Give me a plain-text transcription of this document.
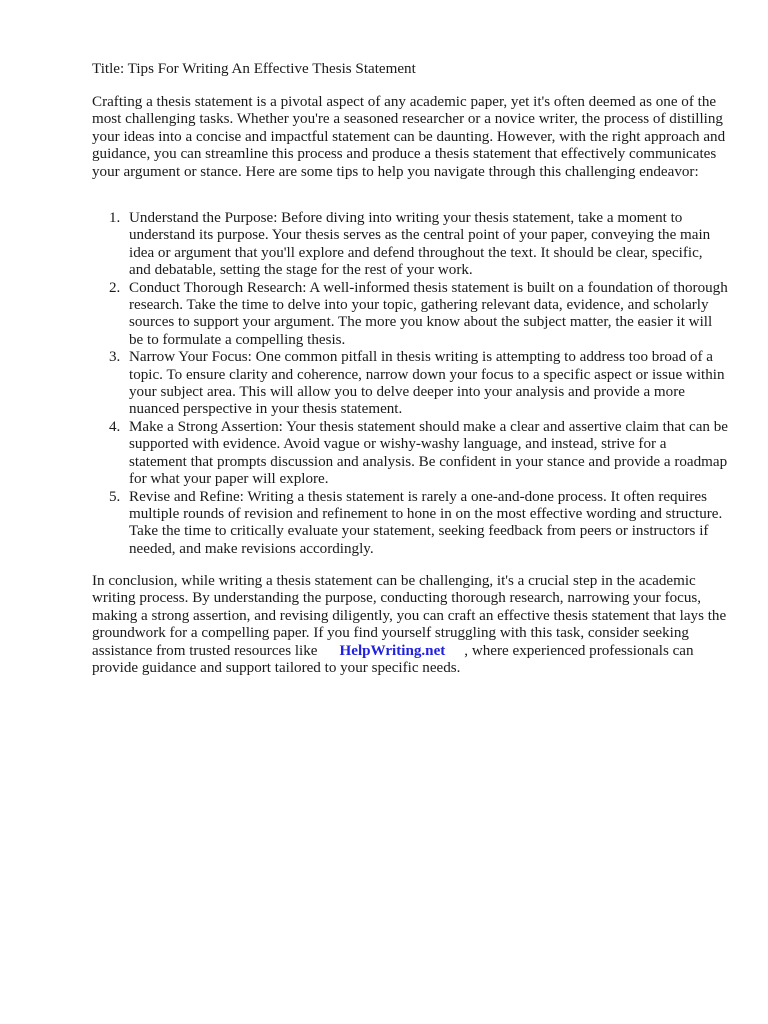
Title: Tips For Writing An Effective Thesis Statement

Crafting a thesis statement is a pivotal aspect of any academic paper, yet it's often deemed as one of the most challenging tasks. Whether you're a seasoned researcher or a novice writer, the process of distilling your ideas into a concise and impactful statement can be daunting. However, with the right approach and guidance, you can streamline this process and produce a thesis statement that effectively communicates your argument or stance. Here are some tips to help you navigate through this challenging endeavor:

1. Understand the Purpose: Before diving into writing your thesis statement, take a moment to understand its purpose. Your thesis serves as the central point of your paper, conveying the main idea or argument that you'll explore and defend throughout the text. It should be clear, specific, and debatable, setting the stage for the rest of your work.
2. Conduct Thorough Research: A well-informed thesis statement is built on a foundation of thorough research. Take the time to delve into your topic, gathering relevant data, evidence, and scholarly sources to support your argument. The more you know about the subject matter, the easier it will be to formulate a compelling thesis.
3. Narrow Your Focus: One common pitfall in thesis writing is attempting to address too broad of a topic. To ensure clarity and coherence, narrow down your focus to a specific aspect or issue within your subject area. This will allow you to delve deeper into your analysis and provide a more nuanced perspective in your thesis statement.
4. Make a Strong Assertion: Your thesis statement should make a clear and assertive claim that can be supported with evidence. Avoid vague or wishy-washy language, and instead, strive for a statement that prompts discussion and analysis. Be confident in your stance and provide a roadmap for what your paper will explore.
5. Revise and Refine: Writing a thesis statement is rarely a one-and-done process. It often requires multiple rounds of revision and refinement to hone in on the most effective wording and structure. Take the time to critically evaluate your statement, seeking feedback from peers or instructors if needed, and make revisions accordingly.

In conclusion, while writing a thesis statement can be challenging, it's a crucial step in the academic writing process. By understanding the purpose, conducting thorough research, narrowing your focus, making a strong assertion, and revising diligently, you can craft an effective thesis statement that lays the groundwork for a compelling paper. If you find yourself struggling with this task, consider seeking assistance from trusted resources like HelpWriting.net , where experienced professionals can provide guidance and support tailored to your specific needs.
